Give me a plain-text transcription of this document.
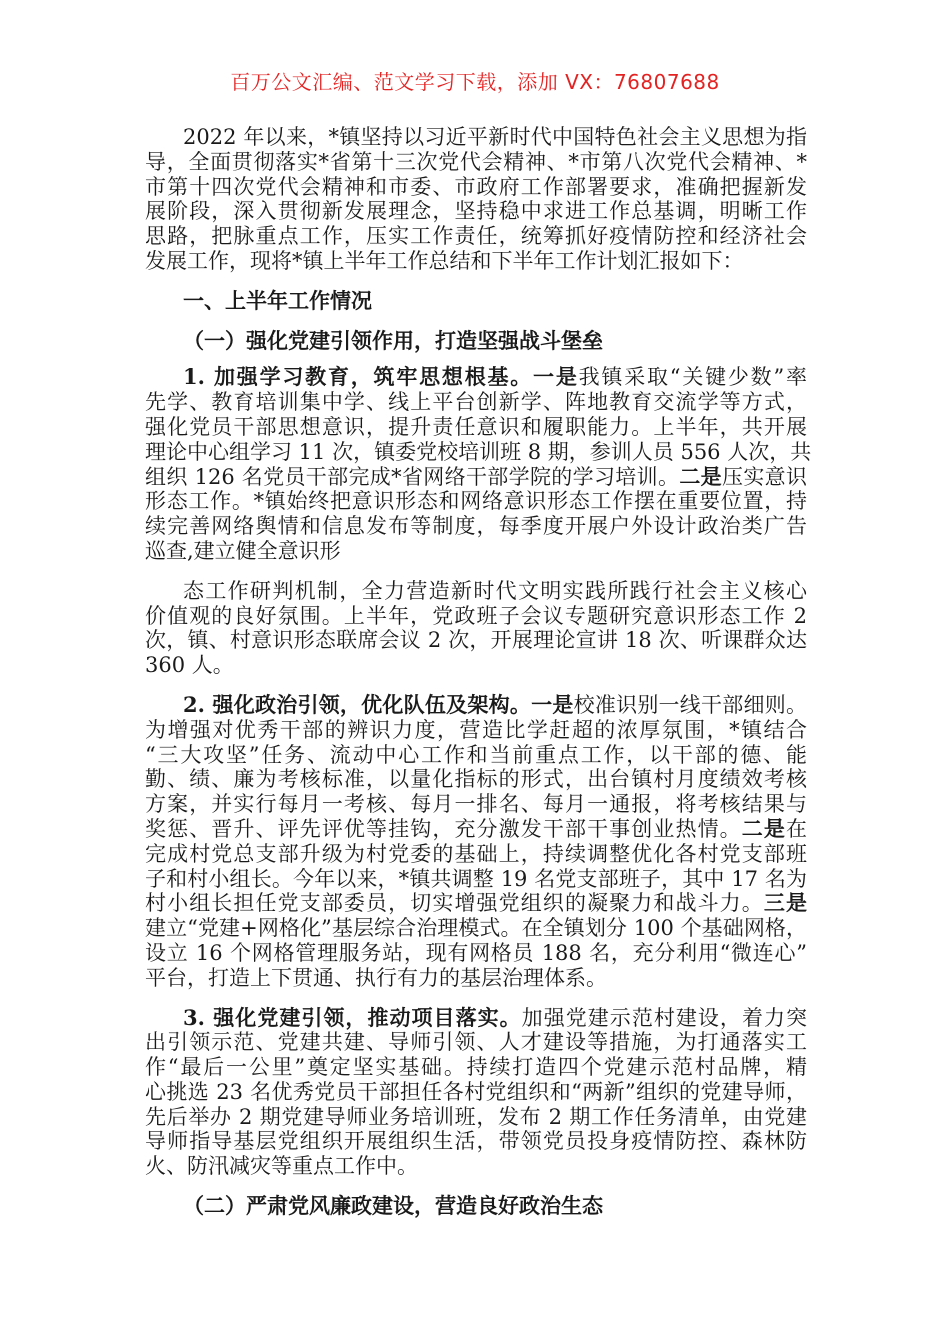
百万公文汇编、范文学习下载，添加 VX：76807688
2022 年以来，*镇坚持以习近平新时代中国特色社会主义思想为指
导，全面贯彻落实*省第十三次党代会精神、*市第八次党代会精神、*
市第十四次党代会精神和市委、市政府工作部署要求，准确把握新发
展阶段，深入贯彻新发展理念，坚持稳中求进工作总基调，明晰工作
思路，把脉重点工作，压实工作责任，统筹抓好疫情防控和经济社会
发展工作，现将*镇上半年工作总结和下半年工作计划汇报如下：
一、上半年工作情况
（一）强化党建引领作用，打造坚强战斗堡垒
1. 加强学习教育，筑牢思想根基。一是我镇采取“关键少数”率
先学、教育培训集中学、线上平台创新学、阵地教育交流学等方式，
强化党员干部思想意识，提升责任意识和履职能力。上半年，共开展
理论中心组学习 11 次，镇委党校培训班 8 期，参训人员 556 人次，共
组织 126 名党员干部完成*省网络干部学院的学习培训。二是压实意识
形态工作。*镇始终把意识形态和网络意识形态工作摆在重要位置，持
续完善网络舆情和信息发布等制度，每季度开展户外设计政治类广告
巡查,建立健全意识形
态工作研判机制，全力营造新时代文明实践所践行社会主义核心
价值观的良好氛围。上半年，党政班子会议专题研究意识形态工作 2
次，镇、村意识形态联席会议 2 次，开展理论宣讲 18 次、听课群众达
360 人。
2. 强化政治引领，优化队伍及架构。一是校准识别一线干部细则。
为增强对优秀干部的辨识力度，营造比学赶超的浓厚氛围，*镇结合
“三大攻坚”任务、流动中心工作和当前重点工作，以干部的德、能
勤、绩、廉为考核标准，以量化指标的形式，出台镇村月度绩效考核
方案，并实行每月一考核、每月一排名、每月一通报，将考核结果与
奖惩、晋升、评先评优等挂钩，充分激发干部干事创业热情。二是在
完成村党总支部升级为村党委的基础上，持续调整优化各村党支部班
子和村小组长。今年以来，*镇共调整 19 名党支部班子，其中 17 名为
村小组长担任党支部委员，切实增强党组织的凝聚力和战斗力。三是
建立“党建+网格化”基层综合治理模式。在全镇划分 100 个基础网格，
设立 16 个网格管理服务站，现有网格员 188 名，充分利用“微连心”
平台，打造上下贯通、执行有力的基层治理体系。
3. 强化党建引领，推动项目落实。加强党建示范村建设，着力突
出引领示范、党建共建、导师引领、人才建设等措施，为打通落实工
作“最后一公里”奠定坚实基础。持续打造四个党建示范村品牌，精
心挑选 23 名优秀党员干部担任各村党组织和“两新”组织的党建导师，
先后举办 2 期党建导师业务培训班，发布 2 期工作任务清单，由党建
导师指导基层党组织开展组织生活，带领党员投身疫情防控、森林防
火、防汛减灾等重点工作中。
（二）严肃党风廉政建设，营造良好政治生态
